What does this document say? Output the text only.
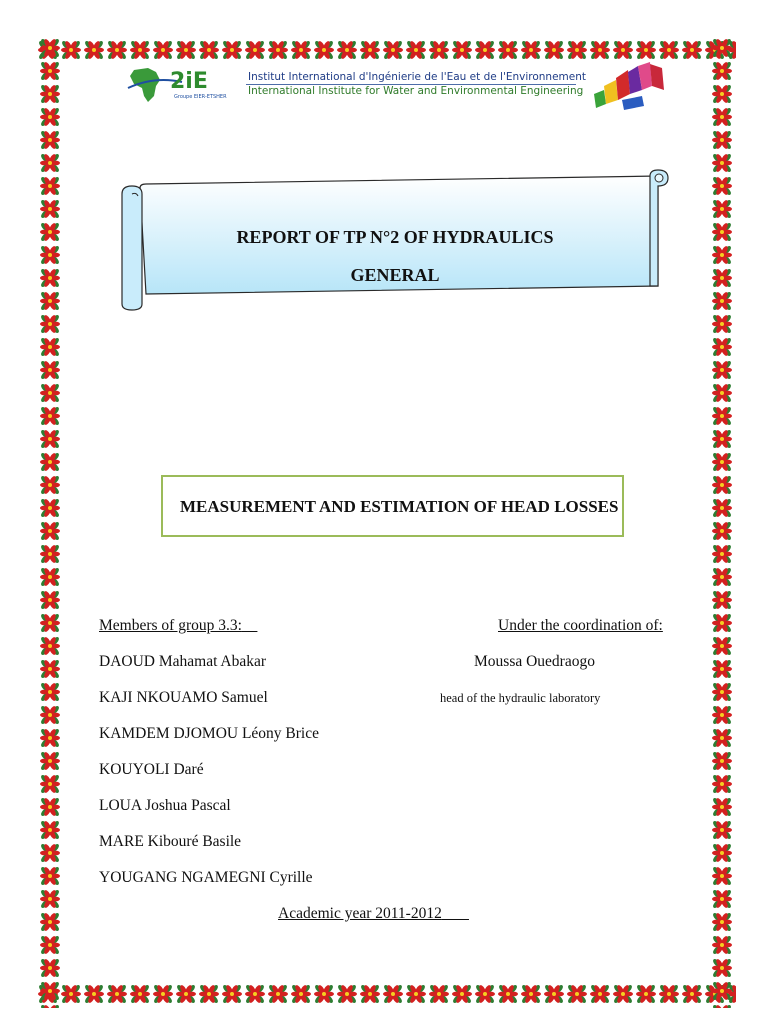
2iE
Groupe EIER-ETSHER
Institut International d'Ingénierie de l'Eau et de l'Environnement
International Institute for Water and Environmental Engineering
REPORT OF TP N°2 OF HYDRAULICS
GENERAL
MEASUREMENT AND ESTIMATION OF HEAD LOSSES
Members of group 3.3:
DAOUD Mahamat Abakar
KAJI NKOUAMO Samuel
KAMDEM DJOMOU Léony Brice
KOUYOLI Daré
LOUA Joshua Pascal
MARE Kibouré Basile
YOUGANG NGAMEGNI Cyrille
Under the coordination of:
Moussa Ouedraogo
head of the hydraulic laboratory
Academic year 2011-2012
